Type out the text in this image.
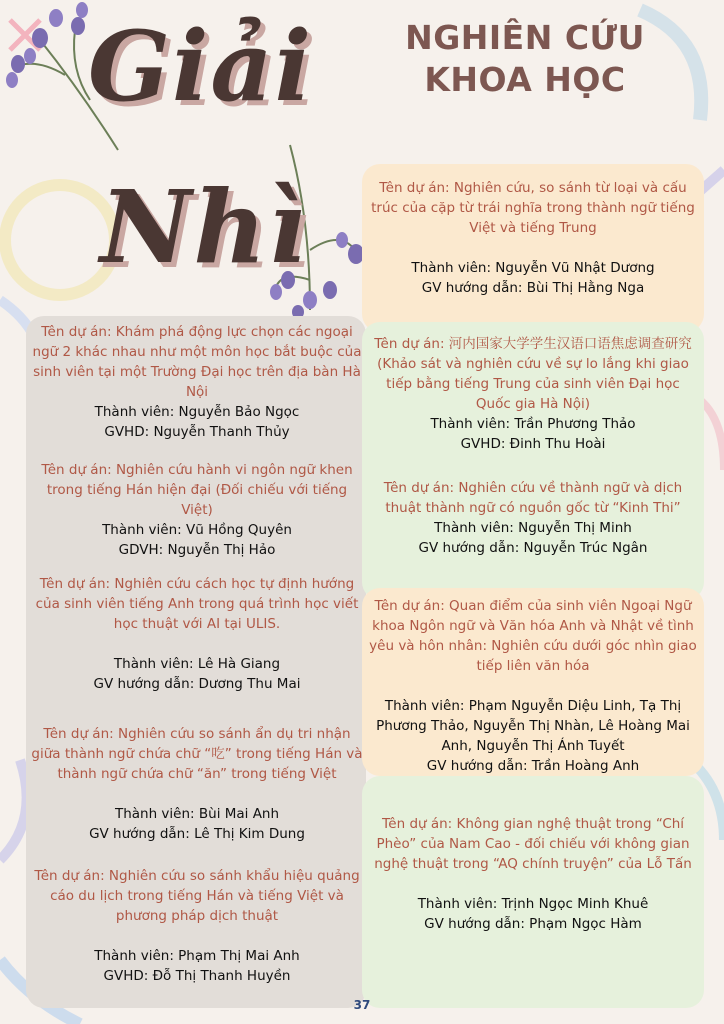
Giải
Nhì
NGHIÊN CỨU
KHOA HỌC
Tên dự án: Khám phá động lực chọn các ngoại ngữ 2 khác nhau như một môn học bắt buộc của sinh viên tại một Trường Đại học trên địa bàn Hà Nội
Thành viên: Nguyễn Bảo Ngọc
GVHD: Nguyễn Thanh Thủy
Tên dự án: Nghiên cứu hành vi ngôn ngữ khen trong tiếng Hán hiện đại (Đối chiếu với tiếng Việt)
Thành viên: Vũ Hồng Quyên
GDVH: Nguyễn Thị Hảo
Tên dự án: Nghiên cứu cách học tự định hướng của sinh viên tiếng Anh trong quá trình học viết học thuật với AI tại ULIS.
Thành viên: Lê Hà Giang
GV hướng dẫn: Dương Thu Mai
Tên dự án: Nghiên cứu so sánh ẩn dụ tri nhận giữa thành ngữ chứa chữ “吃” trong tiếng Hán và thành ngữ chứa chữ “ăn” trong tiếng Việt
Thành viên: Bùi Mai Anh
GV hướng dẫn: Lê Thị Kim Dung
Tên dự án: Nghiên cứu so sánh khẩu hiệu quảng cáo du lịch trong tiếng Hán và tiếng Việt và phương pháp dịch thuật
Thành viên: Phạm Thị Mai Anh
GVHD: Đỗ Thị Thanh Huyền
Tên dự án: Nghiên cứu, so sánh từ loại và cấu trúc của cặp từ trái nghĩa trong thành ngữ tiếng Việt và tiếng Trung
Thành viên: Nguyễn Vũ Nhật Dương
GV hướng dẫn: Bùi Thị Hằng Nga
Tên dự án: 河内国家大学学生汉语口语焦虑调查研究 (Khảo sát và nghiên cứu về sự lo lắng khi giao tiếp bằng tiếng Trung của sinh viên Đại học Quốc gia Hà Nội)
Thành viên: Trần Phương Thảo
GVHD: Đinh Thu Hoài
Tên dự án: Nghiên cứu về thành ngữ và dịch thuật thành ngữ có nguồn gốc từ “Kinh Thi”
Thành viên: Nguyễn Thị Minh
GV hướng dẫn: Nguyễn Trúc Ngân
Tên dự án: Quan điểm của sinh viên Ngoại Ngữ khoa Ngôn ngữ và Văn hóa Anh và Nhật về tình yêu và hôn nhân: Nghiên cứu dưới góc nhìn giao tiếp liên văn hóa
Thành viên: Phạm Nguyễn Diệu Linh, Tạ Thị Phương Thảo, Nguyễn Thị Nhàn, Lê Hoàng Mai Anh, Nguyễn Thị Ánh Tuyết
GV hướng dẫn: Trần Hoàng Anh
Tên dự án: Không gian nghệ thuật trong “Chí Phèo” của Nam Cao - đối chiếu với không gian nghệ thuật trong “AQ chính truyện” của Lỗ Tấn
Thành viên: Trịnh Ngọc Minh Khuê
GV hướng dẫn: Phạm Ngọc Hàm
37
